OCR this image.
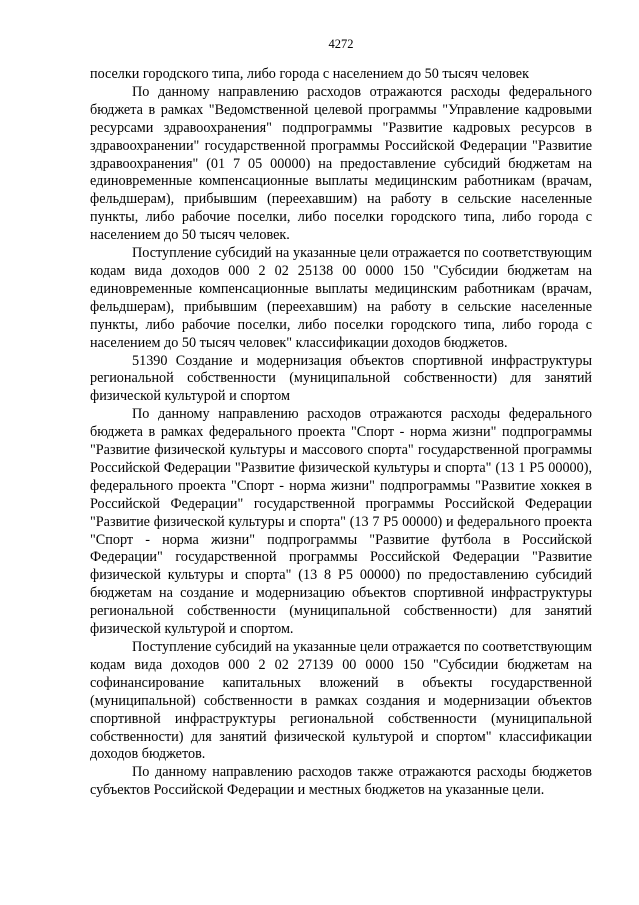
4272

поселки городского типа, либо города с населением до 50 тысяч человек

По данному направлению расходов отражаются расходы федерального бюджета в рамках "Ведомственной целевой программы "Управление кадровыми ресурсами здравоохранения" подпрограммы "Развитие кадровых ресурсов в здравоохранении" государственной программы Российской Федерации "Развитие здравоохранения" (01 7 05 00000) на предоставление субсидий бюджетам на единовременные компенсационные выплаты медицинским работникам (врачам, фельдшерам), прибывшим (переехавшим) на работу в сельские населенные пункты, либо рабочие поселки, либо поселки городского типа, либо города с населением до 50 тысяч человек.

Поступление субсидий на указанные цели отражается по соответствующим кодам вида доходов 000 2 02 25138 00 0000 150 "Субсидии бюджетам на единовременные компенсационные выплаты медицинским работникам (врачам, фельдшерам), прибывшим (переехавшим) на работу в сельские населенные пункты, либо рабочие поселки, либо поселки городского типа, либо города с населением до 50 тысяч человек" классификации доходов бюджетов.

51390 Создание и модернизация объектов спортивной инфраструктуры региональной собственности (муниципальной собственности) для занятий физической культурой и спортом

По данному направлению расходов отражаются расходы федерального бюджета в рамках федерального проекта "Спорт - норма жизни" подпрограммы "Развитие физической культуры и массового спорта" государственной программы Российской Федерации "Развитие физической культуры и спорта" (13 1 P5 00000), федерального проекта "Спорт - норма жизни" подпрограммы "Развитие хоккея в Российской Федерации" государственной программы Российской Федерации "Развитие физической культуры и спорта" (13 7 P5 00000) и федерального проекта "Спорт - норма жизни" подпрограммы "Развитие футбола в Российской Федерации" государственной программы Российской Федерации "Развитие физической культуры и спорта" (13 8 P5 00000) по предоставлению субсидий бюджетам на создание и модернизацию объектов спортивной инфраструктуры региональной собственности (муниципальной собственности) для занятий физической культурой и спортом.

Поступление субсидий на указанные цели отражается по соответствующим кодам вида доходов 000 2 02 27139 00 0000 150 "Субсидии бюджетам на софинансирование капитальных вложений в объекты государственной (муниципальной) собственности в рамках создания и модернизации объектов спортивной инфраструктуры региональной собственности (муниципальной собственности) для занятий физической культурой и спортом" классификации доходов бюджетов.

По данному направлению расходов также отражаются расходы бюджетов субъектов Российской Федерации и местных бюджетов на указанные цели.
